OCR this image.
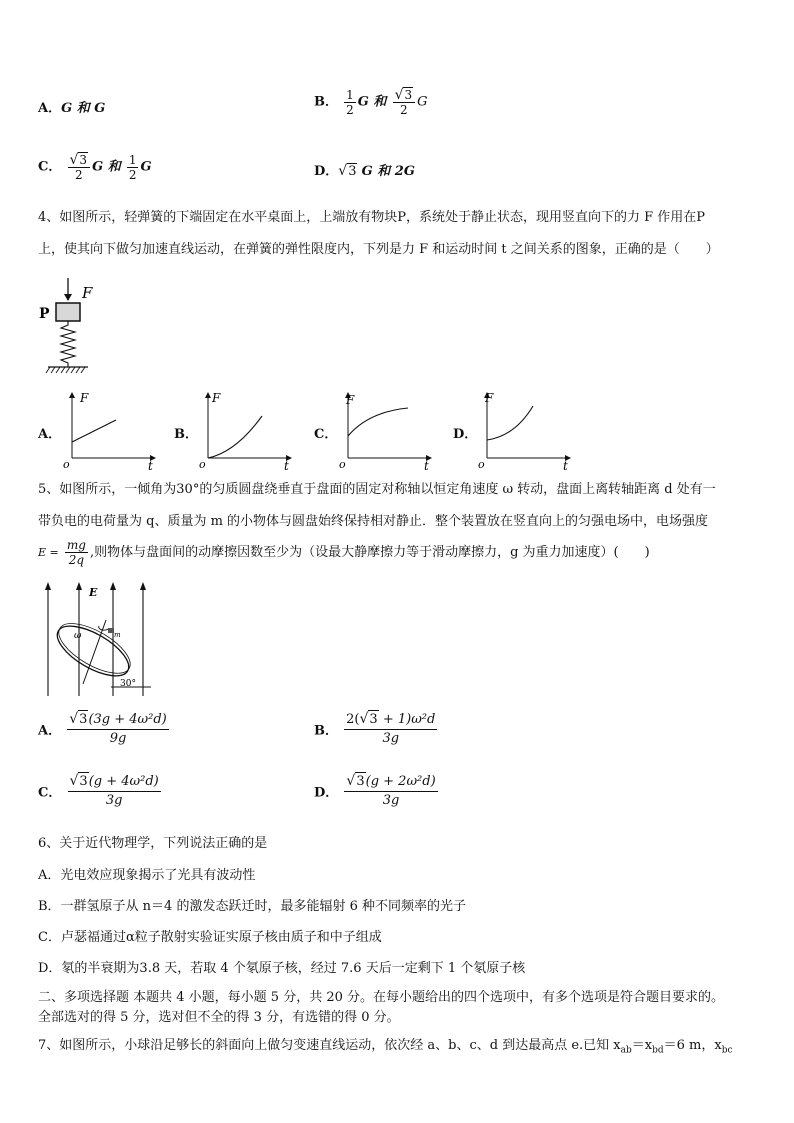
A．G 和 G	B． $\frac{1}{2}$ G 和 $\frac{√3}{2}$ G
C． $\frac{√3}{2}$ G 和 $\frac{1}{2}$ G	D．√3 G 和 2G
4、如图所示，轻弹簧的下端固定在水平桌面上，上端放有物块P，系统处于静止状态，现用竖直向下的力 F 作用在P
上，使其向下做匀加速直线运动，在弹簧的弹性限度内，下列是力 F 和运动时间 t 之间关系的图象，正确的是（　　）
F
P
A．
F
t
o
B．
F
t
o
C．
F
t
o
D．
F
t
o
5、如图所示，一倾角为30°的匀质圆盘绕垂直于盘面的固定对称轴以恒定角速度 ω 转动，盘面上离转轴距离 d 处有一
带负电的电荷量为 q、质量为 m 的小物体与圆盘始终保持相对静止．整个装置放在竖直向上的匀强电场中，电场强度
$E = \frac{mg}{2q}$ ,则物体与盘面间的动摩擦因数至少为（设最大静摩擦力等于滑动摩擦力，g 为重力加速度）(　　)
E
ω	m
30°
A． $\frac{\text{√3(3g + 4ω²d)}}{9g}$	B． $\frac{\text{2(√3 + 1)ω²d}}{3g}$
C． $\frac{\text{√3(g + 4ω²d)}}{3g}$	D． $\frac{\text{√3(g + 2ω²d)}}{3g}$
6、关于近代物理学，下列说法正确的是
A．光电效应现象揭示了光具有波动性
B．一群氢原子从 n＝4 的激发态跃迁时，最多能辐射 6 种不同频率的光子
C．卢瑟福通过α粒子散射实验证实原子核由质子和中子组成
D．氡的半衰期为3.8 天，若取 4 个氡原子核，经过 7.6 天后一定剩下 1 个氡原子核
二、多项选择题 本题共 4 小题，每小题 5 分，共 20 分。在每小题给出的四个选项中，有多个选项是符合题目要求的。
全部选对的得 5 分，选对但不全的得 3 分，有选错的得 0 分。
7、如图所示，小球沿足够长的斜面向上做匀变速直线运动，依次经 a、b、c、d 到达最高点 e.已知 $x_{ab}=x_{bd}=6$ m，$x_{bc}$
